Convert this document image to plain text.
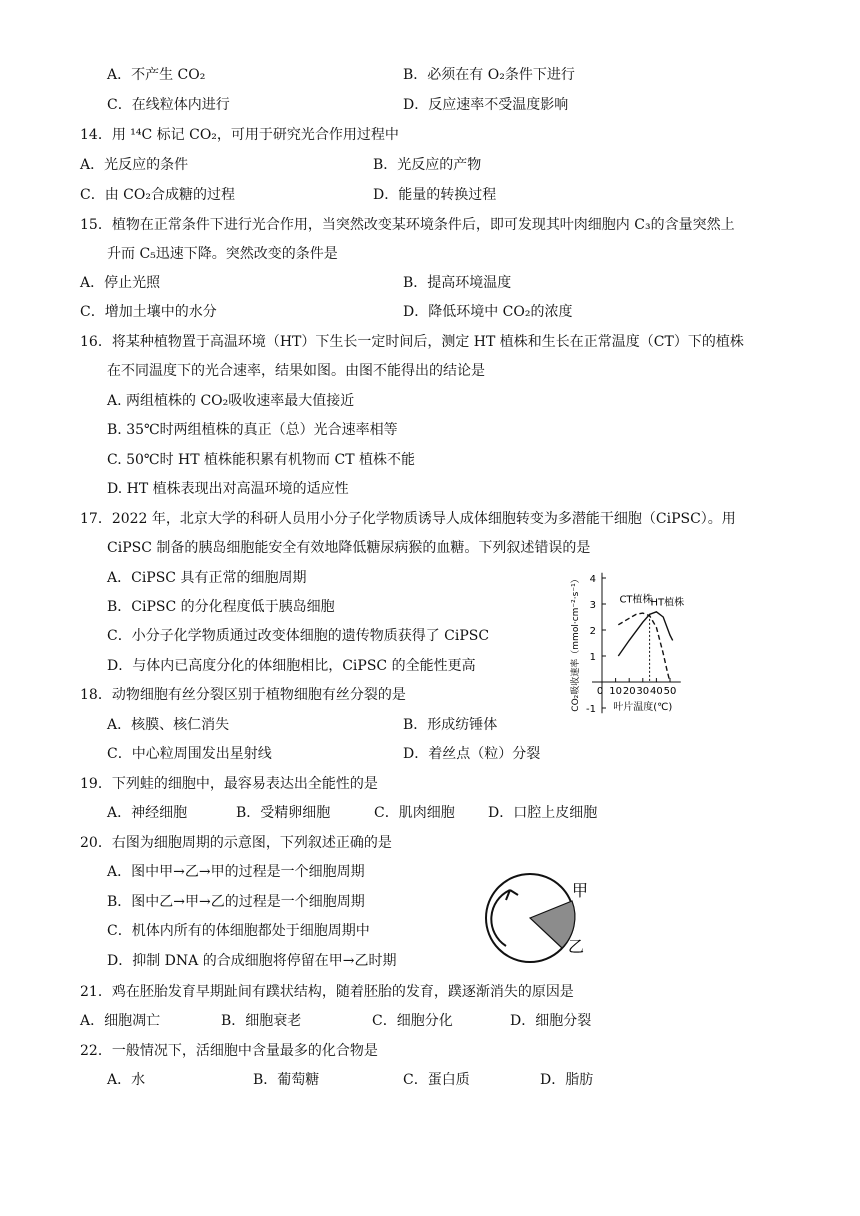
A．不产生 CO₂	B．必须在有 O₂条件下进行
C．在线粒体内进行	D．反应速率不受温度影响
14．用 ¹⁴C 标记 CO₂，可用于研究光合作用过程中
A．光反应的条件	B．光反应的产物
C．由 CO₂合成糖的过程	D．能量的转换过程
15．植物在正常条件下进行光合作用，当突然改变某环境条件后，即可发现其叶肉细胞内 C₃的含量突然上
升而 C₅迅速下降。突然改变的条件是
A．停止光照	B．提高环境温度
C．增加土壤中的水分	D．降低环境中 CO₂的浓度
16．将某种植物置于高温环境（HT）下生长一定时间后，测定 HT 植株和生长在正常温度（CT）下的植株
在不同温度下的光合速率，结果如图。由图不能得出的结论是
A. 两组植株的 CO₂吸收速率最大值接近
B. 35℃时两组植株的真正（总）光合速率相等
C. 50℃时 HT 植株能积累有机物而 CT 植株不能
D. HT 植株表现出对高温环境的适应性
17．2022 年，北京大学的科研人员用小分子化学物质诱导人成体细胞转变为多潜能干细胞（CiPSC）。用
CiPSC 制备的胰岛细胞能安全有效地降低糖尿病猴的血糖。下列叙述错误的是
A．CiPSC 具有正常的细胞周期
B．CiPSC 的分化程度低于胰岛细胞
C．小分子化学物质通过改变体细胞的遗传物质获得了 CiPSC
D．与体内已高度分化的体细胞相比，CiPSC 的全能性更高
-1
1
2
3
4
0 10 20 30 40 50
叶片温度(℃)
CO₂吸收速率（mmol·cm⁻²·s⁻¹）	CT植株
HT植株
18．动物细胞有丝分裂区别于植物细胞有丝分裂的是
A．核膜、核仁消失	B．形成纺锤体
C．中心粒周围发出星射线	D．着丝点（粒）分裂
19．下列蛙的细胞中，最容易表达出全能性的是
A．神经细胞	B．受精卵细胞	C．肌肉细胞 D．口腔上皮细胞
20．右图为细胞周期的示意图，下列叙述正确的是
A．图中甲→乙→甲的过程是一个细胞周期
B．图中乙→甲→乙的过程是一个细胞周期
C．机体内所有的体细胞都处于细胞周期中
D．抑制 DNA 的合成细胞将停留在甲→乙时期
甲
乙
21．鸡在胚胎发育早期趾间有蹼状结构，随着胚胎的发育，蹼逐渐消失的原因是
A．细胞凋亡	B．细胞衰老	C．细胞分化	D．细胞分裂
22．一般情况下，活细胞中含量最多的化合物是
A．水	B．葡萄糖	C．蛋白质	D．脂肪
